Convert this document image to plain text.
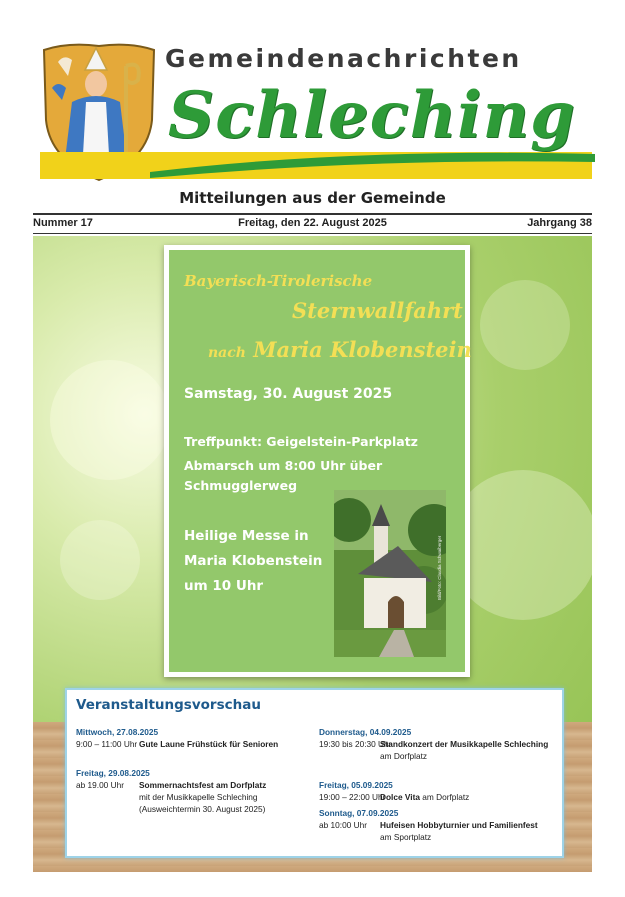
Gemeindenachrichten
Schleching
Mitteilungen aus der Gemeinde
Nummer 17	Freitag, den 22. August 2025	Jahrgang 38
Bayerisch-Tirolerische
Sternwallfahrt
nach Maria Klobenstein
Samstag, 30. August 2025
Treffpunkt: Geigelstein-Parkplatz
Abmarsch um 8:00 Uhr über
Schmugglerweg
Heilige Messe in
Maria Klobenstein
um 10 Uhr	Bild/Foto: Claudia Schwaiberger
Veranstaltungsvorschau
Mittwoch, 27.08.2025
9:00 – 11:00 Uhr Gute Laune Frühstück für Senioren
Freitag, 29.08.2025
ab 19.00 Uhr Sommernachtsfest am Dorfplatz
mit der Musikkapelle Schleching
(Ausweichtermin 30. August 2025)
Donnerstag, 04.09.2025
19:30 bis 20:30 Uhr
Standkonzert der Musikkapelle Schleching
am Dorfplatz
Freitag, 05.09.2025
19:00 – 22:00 Uhr
Dolce Vita am Dorfplatz
Sonntag, 07.09.2025
ab 10:00 Uhr Hufeisen Hobbyturnier und Familienfest
am Sportplatz
